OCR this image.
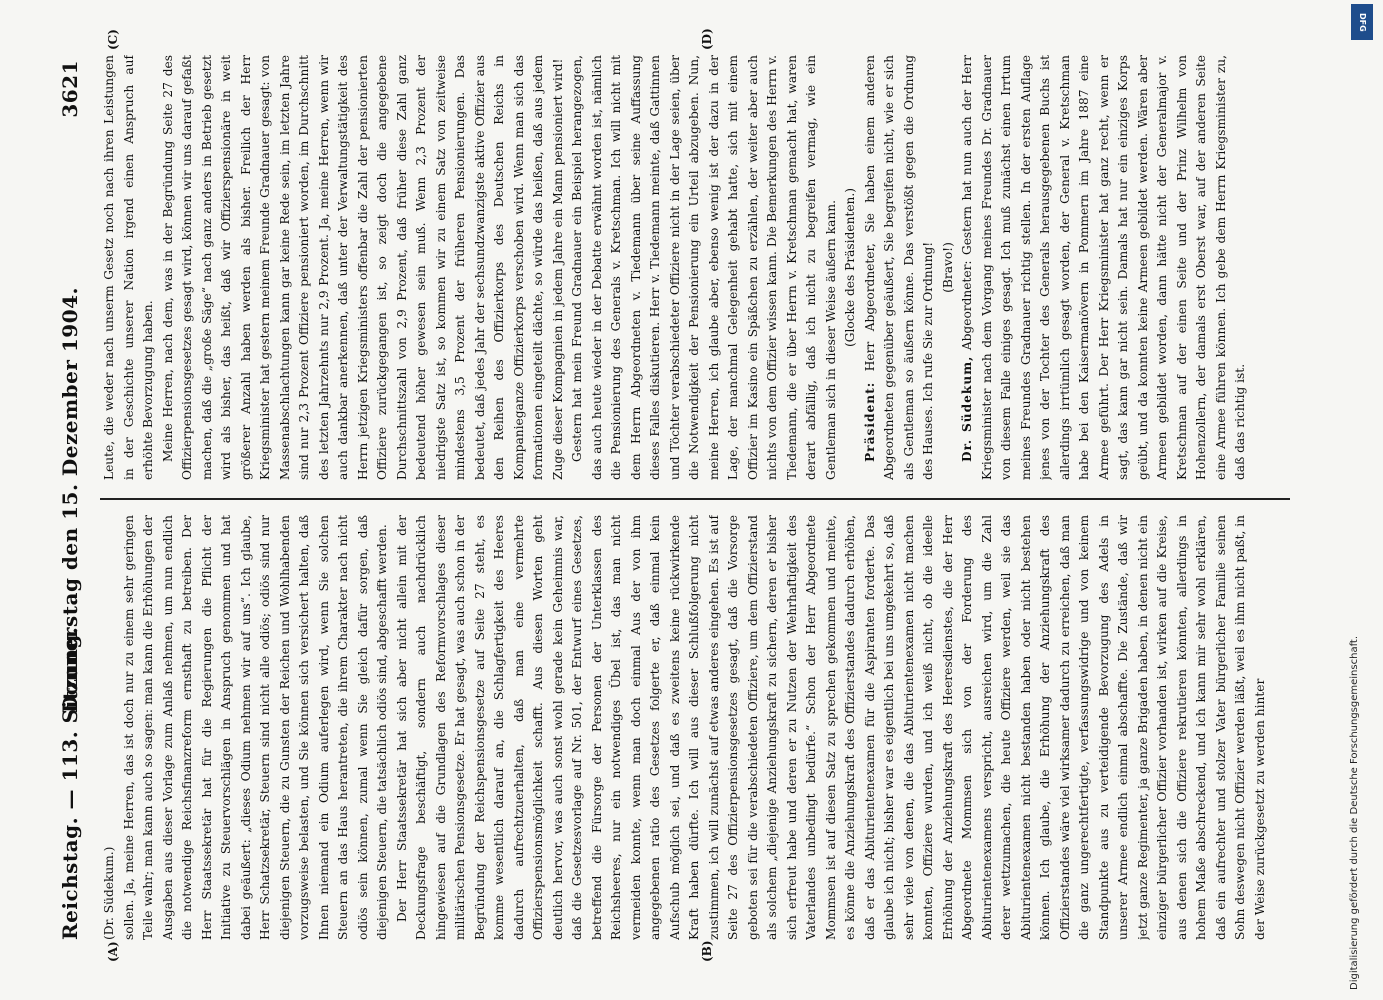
Reichstag. — 113. Sitzung.
Donnerstag den 15. Dezember 1904.
3621
(A)	(B)
(C)	(D)

(Dr. Südekum.) sollen. Ja, meine Herren, das ist doch nur zu einem sehr geringen Teile wahr; man kann auch so sagen: man kann die Erhöhungen der Ausgaben aus dieser Vorlage zum Anlaß nehmen, um nun endlich die notwendige Reichsfinanzreform ernsthaft zu betreiben. Der Herr Staatssekretär hat für die Regierungen die Pflicht der Initiative zu Steuervorschlägen in Anspruch genommen und hat dabei geäußert: „dieses Odium nehmen wir auf uns“. Ich glaube, Herr Schatzsekretär, Steuern sind nicht alle odiös; odiös sind nur diejenigen Steuern, die zu Gunsten der Reichen und Wohlhabenden vorzugsweise belasten, und Sie können sich versichert halten, daß Ihnen niemand ein Odium auferlegen wird, wenn Sie solchen Steuern an das Haus herantreten, die ihrem Charakter nach nicht odiös sein können, zumal wenn Sie gleich dafür sorgen, daß diejenigen Steuern, die tatsächlich odiös sind, abgeschafft werden. Der Herr Staatssekretär hat sich aber nicht allein mit der Deckungsfrage beschäftigt, sondern auch nachdrücklich hingewiesen auf die Grundlagen des Reformvorschlages dieser militärischen Pensionsgesetze. Er hat gesagt, was auch schon in der Begründung der Reichspensionsgesetze auf Seite 27 steht, es komme wesentlich darauf an, die Schlagfertigkeit des Heeres dadurch aufrechtzuerhalten, daß man eine vermehrte Offizierspensionsmöglichkeit schafft. Aus diesen Worten geht deutlich hervor, was auch sonst wohl gerade kein Geheimnis war, daß die Gesetzesvorlage auf Nr. 501, der Entwurf eines Gesetzes, betreffend die Fürsorge der Personen der Unterklassen des Reichsheeres, nur ein notwendiges Übel ist, das man nicht vermeiden konnte, wenn man doch einmal Aus der von ihm angegebenen ratio des Gesetzes folgerte er, daß einmal kein Aufschub möglich sei, und daß es zweitens keine rückwirkende Kraft haben dürfte. Ich will aus dieser Schlußfolgerung nicht zustimmen, ich will zunächst auf etwas anderes eingehen. Es ist auf Seite 27 des Offizierpensionsgesetzes gesagt, daß die Vorsorge geboten sei für die verabschiedeten Offiziere, um dem Offizierstand als solchem „diejenige Anziehungskraft zu sichern, deren er bisher sich erfreut habe und deren er zu Nutzen der Wehrhaftigkeit des Vaterlandes unbedingt bedürfe.“ Schon der Herr Abgeordnete Mommsen ist auf diesen Satz zu sprechen gekommen und meinte, es könne die Anziehungskraft des Offizierstandes dadurch erhöhen, daß er das Abiturientenexamen für die Aspiranten forderte. Das glaube ich nicht; bisher war es eigentlich bei uns umgekehrt so, daß sehr viele von denen, die das Abiturientenexamen nicht machen konnten, Offiziere wurden, und ich weiß nicht, ob die ideelle Erhöhung der Anziehungskraft des Heeresdienstes, die der Herr Abgeordnete Mommsen sich von der Forderung des Abiturientenexamens verspricht, ausreichen wird, um die Zahl derer wettzumachen, die heute Offiziere werden, weil sie das Abiturientenexamen nicht bestanden haben oder nicht bestehen können. Ich glaube, die Erhöhung der Anziehungskraft des Offizierstandes wäre viel wirksamer dadurch zu erreichen, daß man die ganz ungerechtfertigte, verfassungswidrige und von keinem Standpunkte aus zu verteidigende Bevorzugung des Adels in unserer Armee endlich einmal abschaffte. Die Zustände, daß wir jetzt ganze Regimenter, ja ganze Brigaden haben, in denen nicht ein einziger bürgerlicher Offizier vorhanden ist, wirken auf die Kreise, aus denen sich die Offiziere rekrutieren könnten, allerdings in hohem Maße abschreckend, und ich kann mir sehr wohl erklären, daß ein aufrechter und stolzer Vater bürgerlicher Familie seinen Sohn deswegen nicht Offizier werden läßt, weil es ihm nicht paßt, in der Weise zurückgesetzt zu werden hinter

Leute, die weder nach unserm Gesetz noch nach ihren Leistungen in der Geschichte unserer Nation irgend einen Anspruch auf erhöhte Bevorzugung haben. Meine Herren, nach dem, was in der Begründung Seite 27 des Offizierpensionsgesetzes gesagt wird, können wir uns darauf gefaßt machen, daß die „große Säge“ nach ganz anders in Betrieb gesetzt wird als bisher, das heißt, daß wir Offizierspensionäre in weit größerer Anzahl haben werden als bisher. Freilich der Herr Kriegsminister hat gestern meinem Freunde Gradnauer gesagt: von Massenabschlachtungen kann gar keine Rede sein, im letzten Jahre sind nur 2,3 Prozent Offiziere pensioniert worden, im Durchschnitt des letzten Jahrzehnts nur 2,9 Prozent. Ja, meine Herren, wenn wir auch dankbar anerkennen, daß unter der Verwaltungstätigkeit des Herrn jetzigen Kriegsministers offenbar die Zahl der pensionierten Offiziere zurückgegangen ist, so zeigt doch die angegebene Durchschnittszahl von 2,9 Prozent, daß früher diese Zahl ganz bedeutend höher gewesen sein muß. Wenn 2,3 Prozent der niedrigste Satz ist, so kommen wir zu einem Satz von zeitweise mindestens 3,5 Prozent der früheren Pensionierungen. Das bedeutet, daß jedes Jahr der sechsundzwanzigste aktive Offizier aus den Reihen des Offizierkorps des Deutschen Reichs in Kompanieganze Offizierkorps verschoben wird. Wenn man sich das formationen eingeteilt dächte, so würde das heißen, daß aus jedem Zuge dieser Kompagnien in jedem Jahre ein Mann pensioniert wird! Gestern hat mein Freund Gradnauer ein Beispiel herangezogen, das auch heute wieder in der Debatte erwähnt worden ist, nämlich die Pensionierung des Generals v. Kretschman. Ich will nicht mit dem Herrn Abgeordneten v. Tiedemann über seine Auffassung dieses Falles diskutieren. Herr v. Tiedemann meinte, daß Gattinnen und Töchter verabschiedeter Offiziere nicht in der Lage seien, über die Notwendigkeit der Pensionierung ein Urteil abzugeben. Nun, meine Herren, ich glaube aber, ebenso wenig ist der dazu in der Lage, der manchmal Gelegenheit gehabt hatte, sich mit einem Offizier im Kasino ein Späßchen zu erzählen, der weiter aber auch nichts von dem Offizier wissen kann. Die Bemerkungen des Herrn v. Tiedemann, die er über Herrn v. Kretschman gemacht hat, waren derart abfällig, daß ich nicht zu begreifen vermag, wie ein Gentleman sich in dieser Weise äußern kann. (Glocke des Präsidenten.)

Präsident: Herr Abgeordneter, Sie haben einem anderen Abgeordneten gegenüber geäußert, Sie begreifen nicht, wie er sich als Gentleman so äußern könne. Das verstößt gegen die Ordnung des Hauses. Ich rufe Sie zur Ordnung! (Bravo!)

Dr. Südekum, Abgeordneter: Gestern hat nun auch der Herr Kriegsminister nach dem Vorgang meines Freundes Dr. Gradnauer von diesem Falle einiges gesagt. Ich muß zunächst einen Irrtum meines Freundes Gradnauer richtig stellen. In der ersten Auflage jenes von der Tochter des Generals herausgegebenen Buchs ist allerdings irrtümlich gesagt worden, der General v. Kretschman habe bei den Kaisermanövern in Pommern im Jahre 1887 eine Armee geführt. Der Herr Kriegsminister hat ganz recht, wenn er sagt, das kann gar nicht sein. Damals hat nur ein einziges Korps geübt, und da konnten keine Armeen gebildet werden. Wären aber Armeen gebildet worden, dann hätte nicht der Generalmajor v. Kretschman auf der einen Seite und der Prinz Wilhelm von Hohenzollern, der damals erst Oberst war, auf der anderen Seite eine Armee führen können. Ich gebe dem Herrn Kriegsminister zu, daß das richtig ist.

Digitalisierung gefördert durch die Deutsche Forschungsgemeinschaft.
DFG
